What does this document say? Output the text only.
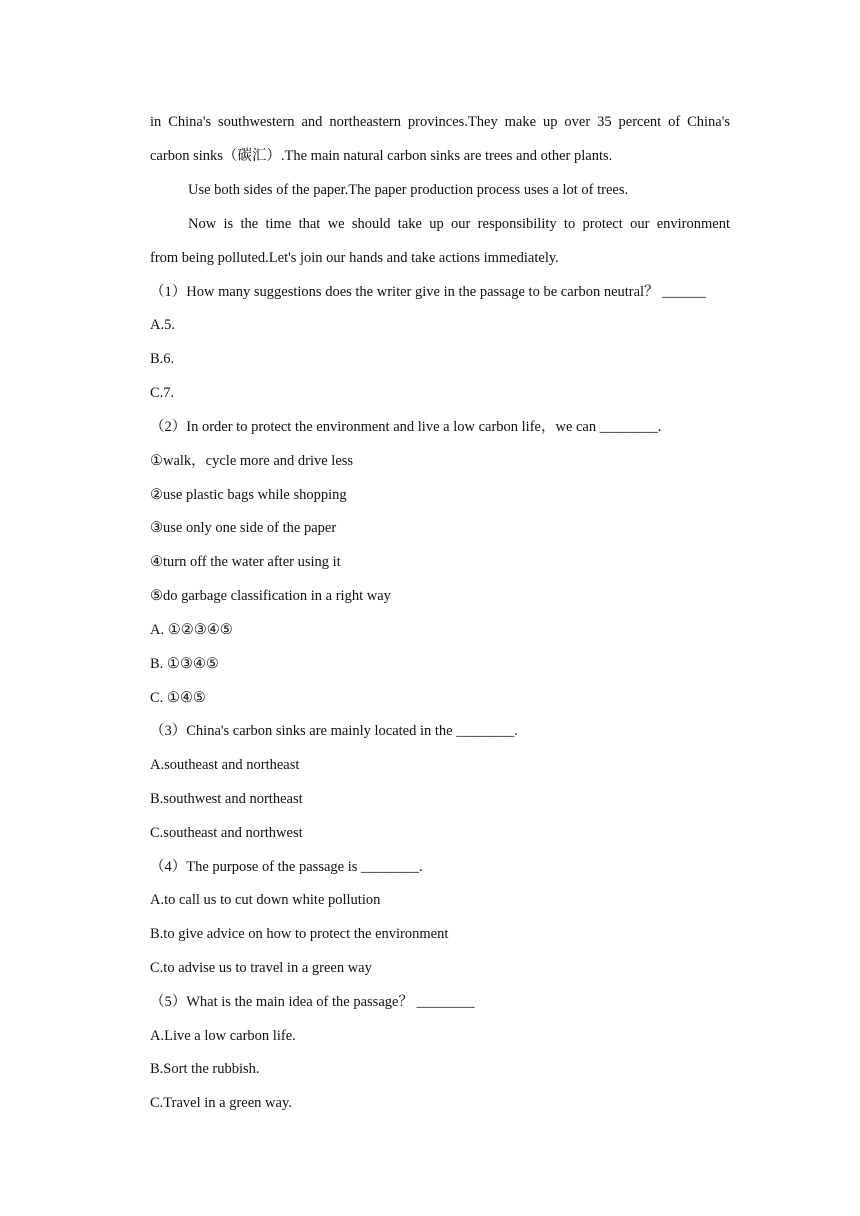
in China's southwestern and northeastern provinces.They make up over 35 percent of China's
carbon sinks（碳汇）.The main natural carbon sinks are trees and other plants.
Use both sides of the paper.The paper production process uses a lot of trees.
Now is the time that we should take up our responsibility to protect our environment
from being polluted.Let's join our hands and take actions immediately.
（1）How many suggestions does the writer give in the passage to be carbon neutral？ ______
A.5.
B.6.
C.7.
（2）In order to protect the environment and live a low carbon life，we can ________.
①walk，cycle more and drive less
②use plastic bags while shopping
③use only one side of the paper
④turn off the water after using it
⑤do garbage classification in a right way
A. ①②③④⑤
B. ①③④⑤
C. ①④⑤
（3）China's carbon sinks are mainly located in the ________.
A.southeast and northeast
B.southwest and northeast
C.southeast and northwest
（4）The purpose of the passage is ________.
A.to call us to cut down white pollution
B.to give advice on how to protect the environment
C.to advise us to travel in a green way
（5）What is the main idea of the passage？ ________
A.Live a low carbon life.
B.Sort the rubbish.
C.Travel in a green way.
